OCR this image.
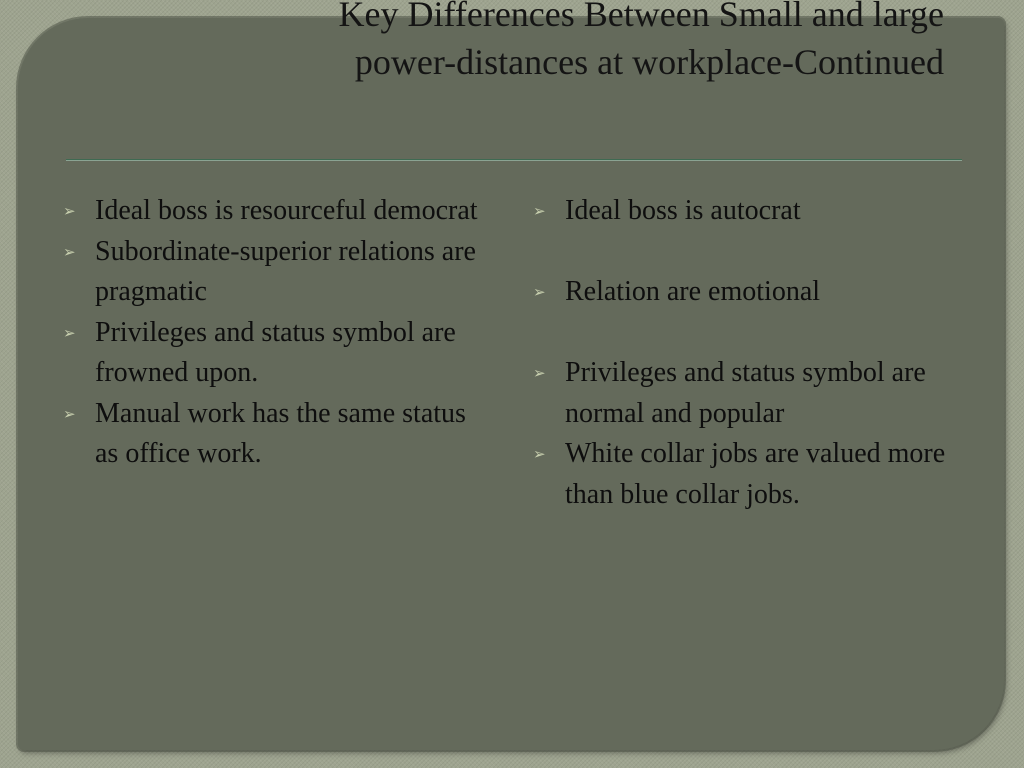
Key Differences Between Small and large
power-distances at workplace-Continued
➢ Ideal boss is resourceful democrat
➢ Subordinate-superior relations are pragmatic
➢ Privileges and status symbol are frowned upon.
➢ Manual work has the same status as office work.
➢ Ideal boss is autocrat
➢ Relation are emotional
➢ Privileges and status symbol are normal and popular
➢ White collar jobs are valued more than blue collar jobs.
